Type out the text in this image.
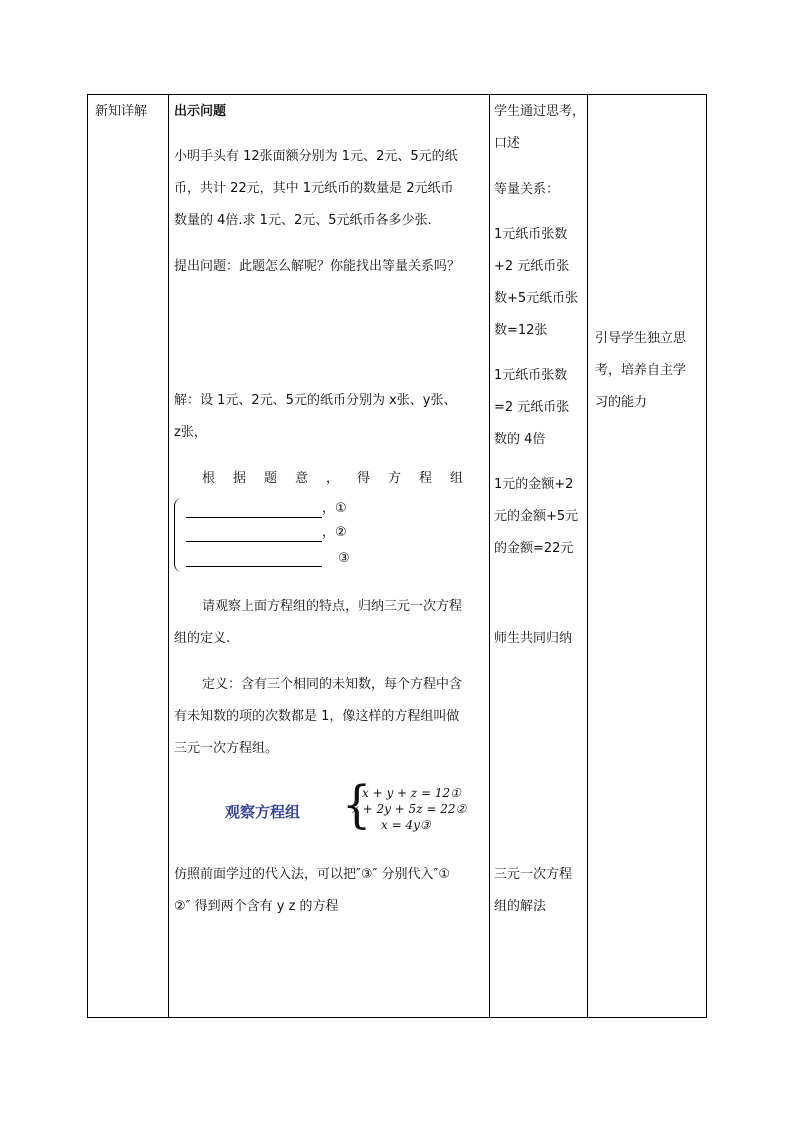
新知详解 出示问题
小明手头有 12张面额分别为 1元、2元、5元的纸
币，共计 22元，其中 1元纸币的数量是 2元纸币
数量的 4倍.求 1元、2元、5元纸币各多少张.
提出问题：此题怎么解呢？你能找出等量关系吗？
解：设 1元、2元、5元的纸币分别为 x张、y张、
z张，
根据题意，得方程组
，①
，②
③
请观察上面方程组的特点，归纳三元一次方程
组的定义.
定义：含有三个相同的未知数，每个方程中含
有未知数的项的次数都是 1，像这样的方程组叫做
三元一次方程组。
观察方程组 {
x + y + z = 12①
x + 2y + 5z = 22②
x = 4y③
仿照前面学过的代入法，可以把″③″ 分别代入″①
②″ 得到两个含有 y z 的方程
学生通过思考，
口述
等量关系：
1元纸币张数
+2 元纸币张
数+5元纸币张
数=12张
1元纸币张数
=2 元纸币张
数的 4倍
1元的金额+2
元的金额+5元
的金额=22元
师生共同归纳
三元一次方程
组的解法
引导学生独立思
考，培养自主学
习的能力
